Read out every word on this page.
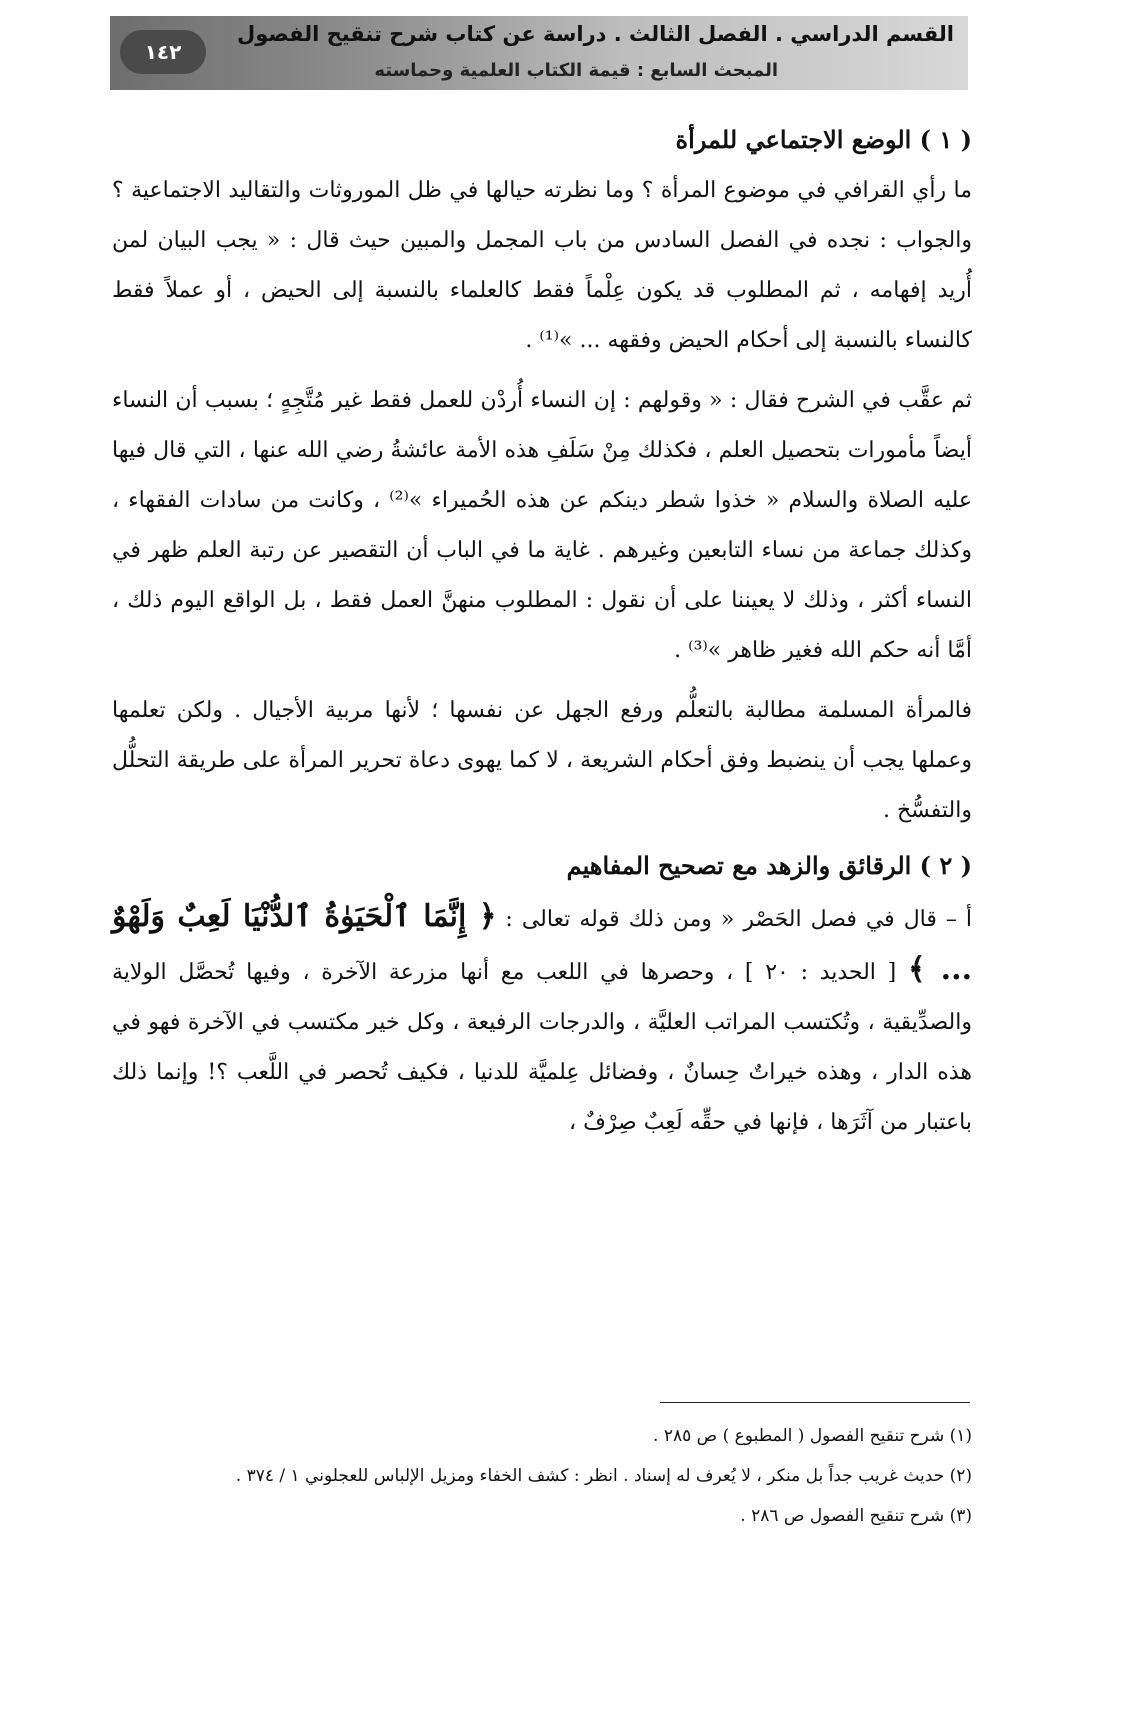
١٤٢
القسم الدراسي . الفصل الثالث . دراسة عن كتاب شرح تنقيح الفصول
المبحث السابع : قيمة الكتاب العلمية وحماسته
( ١ ) الوضع الاجتماعي للمرأة

ما رأي القرافي في موضوع المرأة ؟ وما نظرته حيالها في ظل الموروثات والتقاليد الاجتماعية ؟ والجواب : نجده في الفصل السادس من باب المجمل والمبين حيث قال : « يجب البيان لمن أُريد إفهامه ، ثم المطلوب قد يكون عِلْماً فقط كالعلماء بالنسبة إلى الحيض ، أو عملاً فقط كالنساء بالنسبة إلى أحكام الحيض وفقهه ... »⁽¹⁾ .

ثم عقَّب في الشرح فقال : « وقولهم : إن النساء أُردْن للعمل فقط غير مُتَّجِهٍ ؛ بسبب أن النساء أيضاً مأمورات بتحصيل العلم ، فكذلك مِنْ سَلَفِ هذه الأمة عائشةُ رضي الله عنها ، التي قال فيها عليه الصلاة والسلام « خذوا شطر دينكم عن هذه الحُميراء »⁽²⁾ ، وكانت من سادات الفقهاء ، وكذلك جماعة من نساء التابعين وغيرهم . غاية ما في الباب أن التقصير عن رتبة العلم ظهر في النساء أكثر ، وذلك لا يعيننا على أن نقول : المطلوب منهنَّ العمل فقط ، بل الواقع اليوم ذلك ، أمَّا أنه حكم الله فغير ظاهر »⁽³⁾ .

فالمرأة المسلمة مطالبة بالتعلُّم ورفع الجهل عن نفسها ؛ لأنها مربية الأجيال . ولكن تعلمها وعملها يجب أن ينضبط وفق أحكام الشريعة ، لا كما يهوى دعاة تحرير المرأة على طريقة التحلُّل والتفسُّخ .

( ٢ ) الرقائق والزهد مع تصحيح المفاهيم

أ – قال في فصل الحَصْر « ومن ذلك قوله تعالى : ﴿ إِنَّمَا ٱلْحَيَوٰةُ ٱلدُّنْيَا لَعِبٌ وَلَهْوٌ ... ﴾ [ الحديد : ٢٠ ] ، وحصرها في اللعب مع أنها مزرعة الآخرة ، وفيها تُحصَّل الولاية والصدِّيقية ، وتُكتسب المراتب العليَّة ، والدرجات الرفيعة ، وكل خير مكتسب في الآخرة فهو في هذه الدار ، وهذه خيراتٌ حِسانٌ ، وفضائل عِلميَّة للدنيا ، فكيف تُحصر في اللَّعب ؟! وإنما ذلك باعتبار من آثَرَها ، فإنها في حقِّه لَعِبٌ صِرْفٌ ،

(١) شرح تنقيح الفصول ( المطبوع ) ص ٢٨٥ .

(٢) حديث غريب جداً بل منكر ، لا يُعرف له إسناد . انظر : كشف الخفاء ومزيل الإلباس للعجلوني ١ / ٣٧٤ .

(٣) شرح تنقيح الفصول ص ٢٨٦ .
